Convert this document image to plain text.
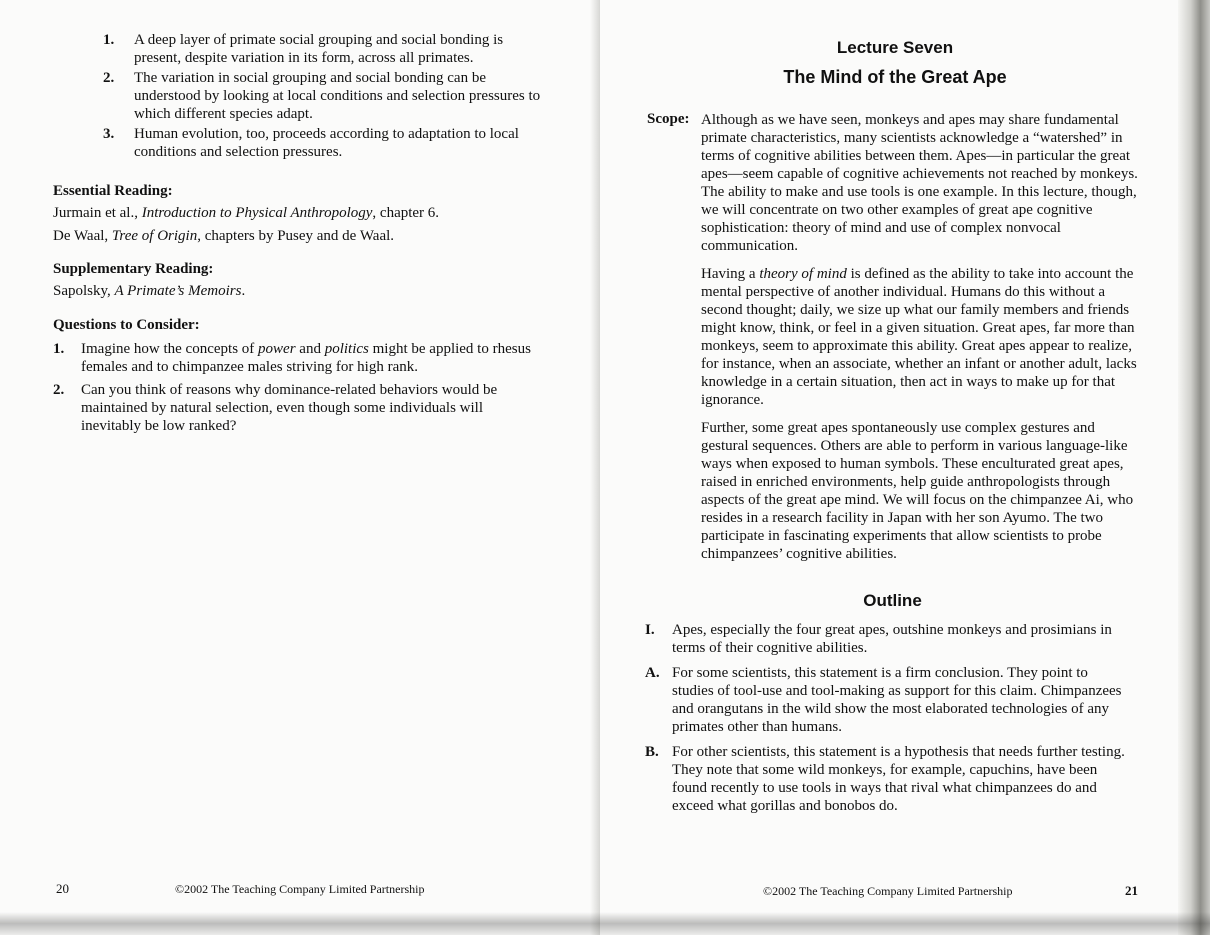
1. A deep layer of primate social grouping and social bonding is present, despite variation in its form, across all primates.
2. The variation in social grouping and social bonding can be understood by looking at local conditions and selection pressures to which different species adapt.
3. Human evolution, too, proceeds according to adaptation to local conditions and selection pressures.

Essential Reading:

Jurmain et al., Introduction to Physical Anthropology, chapter 6.

De Waal, Tree of Origin, chapters by Pusey and de Waal.

Supplementary Reading:

Sapolsky, A Primate’s Memoirs.

Questions to Consider:

1. Imagine how the concepts of power and politics might be applied to rhesus females and to chimpanzee males striving for high rank.
2. Can you think of reasons why dominance-related behaviors would be maintained by natural selection, even though some individuals will inevitably be low ranked?
20	©2002 The Teaching Company Limited Partnership
Lecture Seven
The Mind of the Great Ape
Scope: Although as we have seen, monkeys and apes may share fundamental primate characteristics, many scientists acknowledge a “watershed” in terms of cognitive abilities between them. Apes—in particular the great apes—seem capable of cognitive achievements not reached by monkeys. The ability to make and use tools is one example. In this lecture, though, we will concentrate on two other examples of great ape cognitive sophistication: theory of mind and use of complex nonvocal communication.

Having a theory of mind is defined as the ability to take into account the mental perspective of another individual. Humans do this without a second thought; daily, we size up what our family members and friends might know, think, or feel in a given situation. Great apes, far more than monkeys, seem to approximate this ability. Great apes appear to realize, for instance, when an associate, whether an infant or another adult, lacks knowledge in a certain situation, then act in ways to make up for that ignorance.

Further, some great apes spontaneously use complex gestures and gestural sequences. Others are able to perform in various language-like ways when exposed to human symbols. These enculturated great apes, raised in enriched environments, help guide anthropologists through aspects of the great ape mind. We will focus on the chimpanzee Ai, who resides in a research facility in Japan with her son Ayumo. The two participate in fascinating experiments that allow scientists to probe chimpanzees’ cognitive abilities.

Outline
I.	Apes, especially the four great apes, outshine monkeys and prosimians in terms of their cognitive abilities.
A. For some scientists, this statement is a firm conclusion. They point to studies of tool-use and tool-making as support for this claim. Chimpanzees and orangutans in the wild show the most elaborated technologies of any primates other than humans.
B. For other scientists, this statement is a hypothesis that needs further testing. They note that some wild monkeys, for example, capuchins, have been found recently to use tools in ways that rival what chimpanzees do and exceed what gorillas and bonobos do.
©2002 The Teaching Company Limited Partnership	21
